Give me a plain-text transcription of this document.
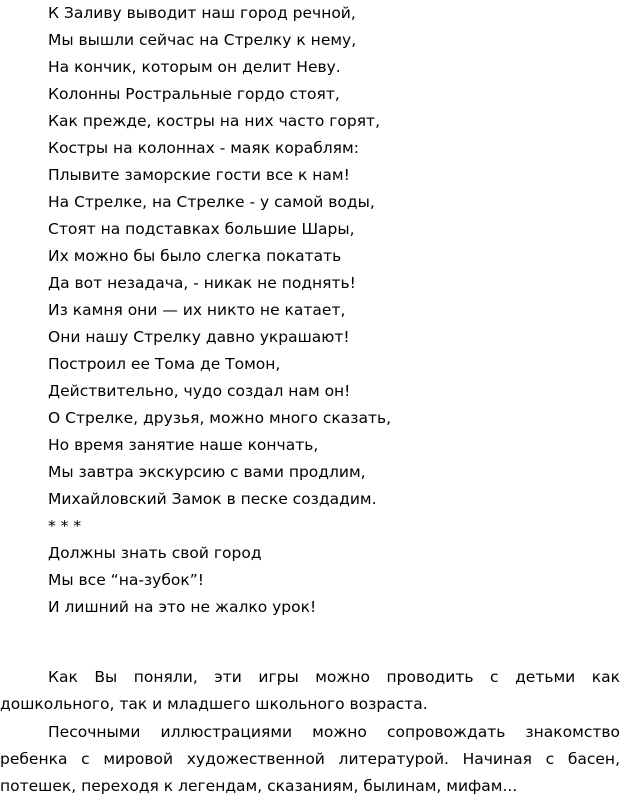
К Заливу выводит наш город речной,
Мы вышли сейчас на Стрелку к нему,
На кончик, которым он делит Неву.
Колонны Ростральные гордо стоят,
Как прежде, костры на них часто горят,
Костры на колоннах - маяк кораблям:
Плывите заморские гости все к нам!
На Стрелке, на Стрелке - у самой воды,
Стоят на подставках большие Шары,
Их можно бы было слегка покатать
Да вот незадача, - никак не поднять!
Из камня они — их никто не катает,
Они нашу Стрелку давно украшают!
Построил ее Тома де Томон,
Действительно, чудо создал нам он!
О Стрелке, друзья, можно много сказать,
Но время занятие наше кончать,
Мы завтра экскурсию с вами продлим,
Михайловский Замок в песке создадим.
* * *
Должны знать свой город
Мы все “на-зубок”!
И лишний на это не жалко урок!

Как Вы поняли, эти игры можно проводить с детьми как дошкольного, так и младшего школьного возраста.

Песочными иллюстрациями можно сопровождать знакомство ребенка с мировой художественной литературой. Начиная с басен, потешек, переходя к легендам, сказаниям, былинам, мифам...
